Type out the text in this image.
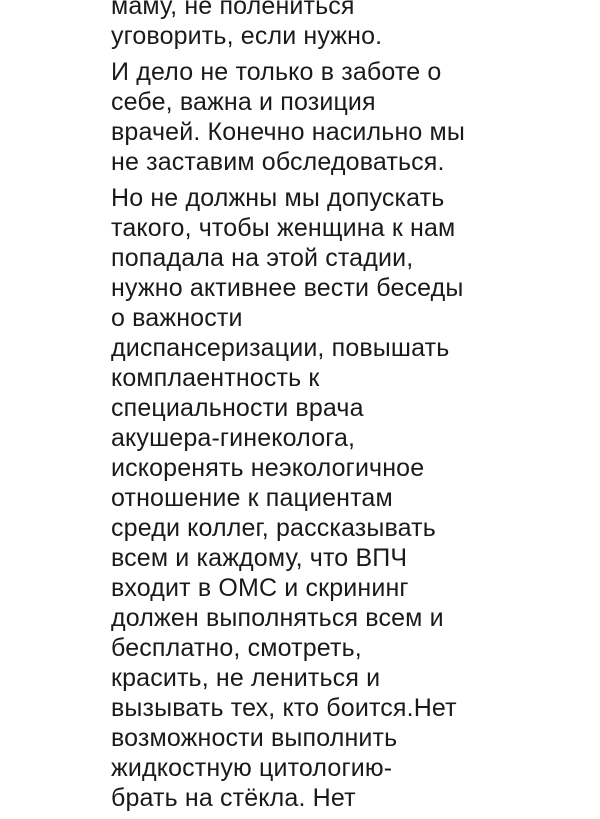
маму, не полениться
уговорить, если нужно.

И дело не только в заботе о
себе, важна и позиция
врачей. Конечно насильно мы
не заставим обследоваться.

Но не должны мы допускать
такого, чтобы женщина к нам
попадала на этой стадии,
нужно активнее вести беседы
о важности
диспансеризации, повышать
комплаентность к
специальности врача
акушера-гинеколога,
искоренять неэкологичное
отношение к пациентам
среди коллег, рассказывать
всем и каждому, что ВПЧ
входит в ОМС и скрининг
должен выполняться всем и
бесплатно, смотреть,
красить, не лениться и
вызывать тех, кто боится.Нет
возможности выполнить
жидкостную цитологию-
брать на стёкла. Нет
